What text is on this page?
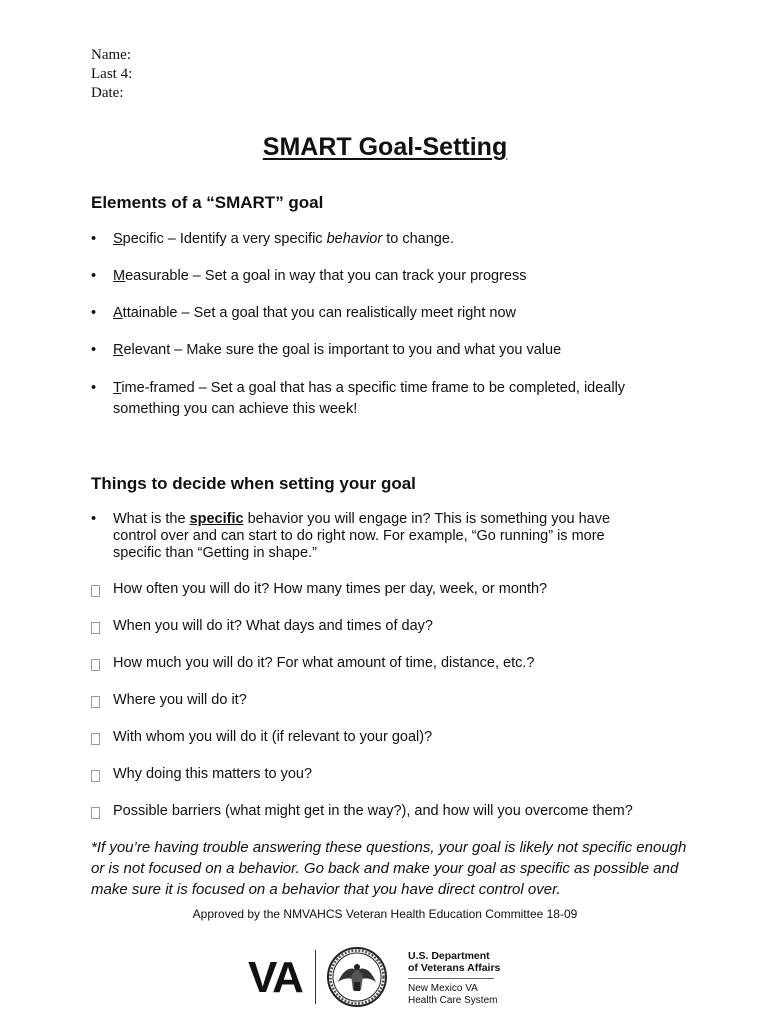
Name:
Last 4:
Date:
SMART Goal-Setting
Elements of a “SMART” goal
•	Specific – Identify a very specific behavior to change.
•	Measurable – Set a goal in way that you can track your progress
•	Attainable – Set a goal that you can realistically meet right now
•	Relevant – Make sure the goal is important to you and what you value
•	Time-framed – Set a goal that has a specific time frame to be completed, ideally something you can achieve this week!
Things to decide when setting your goal
•	What is the specific behavior you will engage in? This is something you have control over and can start to do right now. For example, “Go running” is more specific than “Getting in shape.”
How often you will do it? How many times per day, week, or month?
When you will do it? What days and times of day?
How much you will do it? For what amount of time, distance, etc.?
Where you will do it?
With whom you will do it (if relevant to your goal)?
Why doing this matters to you?
Possible barriers (what might get in the way?), and how will you overcome them?
*If you’re having trouble answering these questions, your goal is likely not specific enough or is not focused on a behavior. Go back and make your goal as specific as possible and make sure it is focused on a behavior that you have direct control over.
Approved by the NMVAHCS Veteran Health Education Committee 18-09
VA	U.S. Department
of Veterans Affairs
New Mexico VA
Health Care System
